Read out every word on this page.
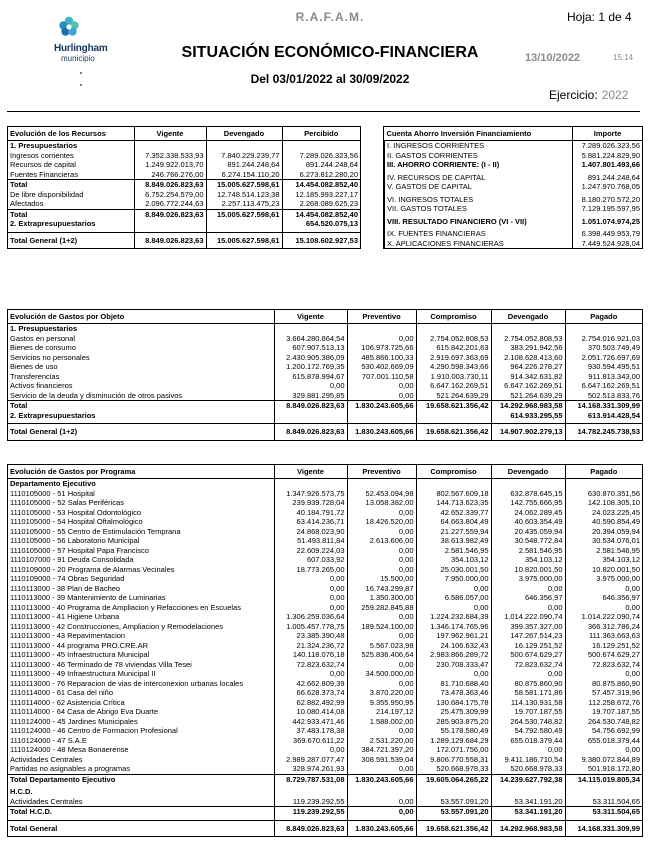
Hurlingham
municipio
R.A.F.A.M.	Hoja: 1 de 4
SITUACIÓN ECONÓMICO-FINANCIERA	13/10/2022	15:14
Del 03/01/2022 al 30/09/2022
Ejercicio: 2022
Evolución de los Recursos	Vigente	Devengado	Percibido
1. Presupuestarios			
Ingresos corrientes	7.352.338.533,93	7.840.229.239,77	7.289.026.323,56
Recursos de capital	1.249.922.013,70	891.244.248,64	891.244.248,64
Fuentes Financieras	246.766.276,00	6.274.154.110,20	6.273.812.280,20
Total	8.849.026.823,63	15.005.627.598,61	14.454.082.852,40
De libre disponibilidad	6.752.254.579,00	12.748.514.123,38	12.185.993.227,17
Afectados	2.096.772.244,63	2.257.113.475,23	2.268.089.625,23
Total	8.849.026.823,63	15.005.627.598,61	14.454.082.852,40
2. Extrapresupuestarios			654.520.075,13

Total General (1+2)	8.849.026.823,63	15.005.627.598,61	15.108.602.927,53
Cuenta Ahorro Inversión Financiamiento	Importe
I. INGRESOS CORRIENTES	7.289.026.323,56
II. GASTOS CORRIENTES	5.881.224.829,90
III. AHORRO CORRIENTE: (I - II)	1.407.801.493,66

IV. RECURSOS DE CAPITAL	891.244.248,64
V. GASTOS DE CAPITAL	1.247.970.768,05

VI. INGRESOS TOTALES	8.180.270.572,20
VII. GASTOS TOTALES	7.129.195.597,95

VIII. RESULTADO FINANCIERO (VI - VII)	1.051.074.974,25

IX. FUENTES FINANCIERAS	6.398.449.953,79
X. APLICACIONES FINANCIERAS	7.449.524.928,04
Evolución de Gastos por Objeto	Vigente	Preventivo	Compromiso	Devengado	Pagado
1. Presupuestarios					
Gastos en personal	3.664.280.864,54	0,00	2.754.052.808,53	2.754.052.808,53	2.754.016.921,03
Bienes de consumo	607.907.513,13	106.973.725,66	615.842.201,63	383.291.942,56	370.503.749,49
Servicios no personales	2.430.905.386,09	485.866.100,33	2.919.697.363,69	2.108.628.413,60	2.051.726.697,69
Bienes de uso	1.200.172.769,35	530.402.669,09	4.290.598.343,66	964.226.278,27	930.594.495,51
Transferencias	615.878.994,67	707.001.110,58	1.910.003.730,11	914.342.631,82	911.813.343,00
Activos financieros	0,00	0,00	6.647.162.269,51	6.647.162.269,51	6.647.162.269,51
Servicio de la deuda y disminución de otros pasivos	329.881.295,85	0,00	521.264.639,29	521.264.639,29	502.513.833,76
Total	8.849.026.823,63	1.830.243.605,66	19.658.621.356,42	14.292.968.983,58	14.168.331.309,99
2. Extrapresupuestarios				614.933.295,55	613.914.428,54

Total General (1+2)	8.849.026.823,63	1.830.243.605,66	19.658.621.356,42	14.907.902.279,13	14.782.245.738,53
Evolución de Gastos por Programa	Vigente	Preventivo	Compromiso	Devengado	Pagado
Departamento Ejecutivo					
1110105000 - 51 Hospital	1.347.926.573,75	52.453.094,98	802.567.609,18	632.878.645,15	630.870.351,56
1110105000 - 52 Salas Periféricas	239.939.728,04	13.058.382,00	144.713.623,35	142.755.666,95	142.108.305,10
1110105000 - 53 Hospital Odontológico	40.184.791,72	0,00	42.652.339,77	24.062.289,45	24.023.225,45
1110105000 - 54 Hospital Oftalmológico	63.414.236,71	18.426.520,00	64.663.804,49	40.603.354,49	40.590.854,49
1110105000 - 55 Centro de Estimulación Temprana	24.868.023,90	0,00	21.227.559,94	20.435.059,94	20.394.059,94
1110105000 - 56 Laboratorio Municipal	51.493.811,84	2.613.606,00	38.613.982,49	30.548.772,84	30.534.076,01
1110105000 - 57 Hospital Papa Francisco	22.609.224,03	0,00	2.581.546,95	2.581.546,95	2.581.546,95
1110107000 - 91 Deuda Consolidada	607.033,92	0,00	354.103,12	354.103,12	354.103,12
1110109000 - 20 Programa de Alarmas Vecinales	18.773.265,00	0,00	25.030.001,50	10.820.001,50	10.820.001,50
1110109000 - 74 Obras Seguridad	0,00	15.500,00	7.950.000,00	3.975.000,00	3.975.000,00
1110113000 - 38 Plan de Bacheo	0,00	16.743.299,87	0,00	0,00	0,00
1110113000 - 39 Mantenimiento de Luminarias	0,00	1.350.300,00	6.586.057,00	646.356,97	646.356,97
1110113000 - 40 Programa de Ampliacion y Refacciones en Escuelas	0,00	259.282.845,88	0,00	0,00	0,00
1110113000 - 41 Higiene Urbana	1.306.259.036,64	0,00	1.224.232.684,39	1.014.222.090,74	1.014.222.090,74
1110113000 - 42 Construcciones, Ampliacion y Remodelaciones	1.005.457.778,75	189.524.100,00	1.346.174.765,96	399.357.327,00	366.312.786,24
1110113000 - 43 Repavimentacion	23.385.390,48	0,00	197.962.961,21	147.267.514,23	111.363.663,63
1110113000 - 44 programa PRO.CRE.AR	21.324.236,72	5.567.023,98	24.106.632,43	16.129.251,52	16.129.251,52
1110113000 - 45 Infraestructura Municipal	140.118.076,18	525.836.406,64	2.983.866.289,72	500.674.629,27	500.674.629,27
1110113000 - 46 Terminado de 78 viviendas Villa Tesei	72.823.632,74	0,00	230.708.333,47	72.823.632,74	72.823.632,74
1110113000 - 49 Infraestructura Municipal II	0,00	34.500.000,00	0,00	0,00	0,00
1110113000 - 76 Reparacion de vias de interconexion urbanas locales	42.662.809,39	0,00	81.710.688,40	80.875.860,90	80.875.860,90
1110114000 - 61 Casa del niño	66.628.373,74	3.870.220,00	73.478.363,46	58.581.171,86	57.457.319,96
1110114000 - 62 Asistencia Crítica	62.882.492,99	9.355.950,95	130.684.175,78	114.130.931,58	112.258.672,76
1110114000 - 64 Casa de Abrigo Eva Duarte	10.080.414,08	214.197,12	25.475.309,99	19.707.187,55	19.707.187,55
1110124000 - 45 Jardines Municipales	442.933.471,46	1.588.002,00	285.903.875,20	264.530.748,82	264.530.748,82
1110124000 - 46 Centro de Formacion Profesional	37.483.178,38	0,00	55.178.580,49	54.792.580,49	54.756.692,99
1110124000 - 47 S.A.E	369.670.611,22	2.531.220,00	1.289.129.684,29	655.018.379,44	655.018.379,44
1110124000 - 48 Mesa Bonaerense	0,00	384.721.397,20	172.071.756,00	0,00	0,00
Actividades Centrales	2.989.287.077,47	308.591.539,04	9.806.770.558,31	9.411.186.710,54	9.380.072.844,89
Partidas no asignables a programas	328.974.261,93	0,00	520.668.978,33	520.668.978,33	501.918.172,80
Total Departamento Ejecutivo	8.729.787.531,08	1.830.243.605,66	19.605.064.265,22	14.239.627.792,38	14.115.019.805,34

H.C.D.					
Actividades Centrales	119.239.292,55	0,00	53.557.091,20	53.341.191,20	53.311.504,65
Total H.C.D.	119.239.292,55	0,00	53.557.091,20	53.341.191,20	53.311.504,65

Total General	8.849.026.823,63	1.830.243.605,66	19.658.621.356,42	14.292.968.983,58	14.168.331.309,99
